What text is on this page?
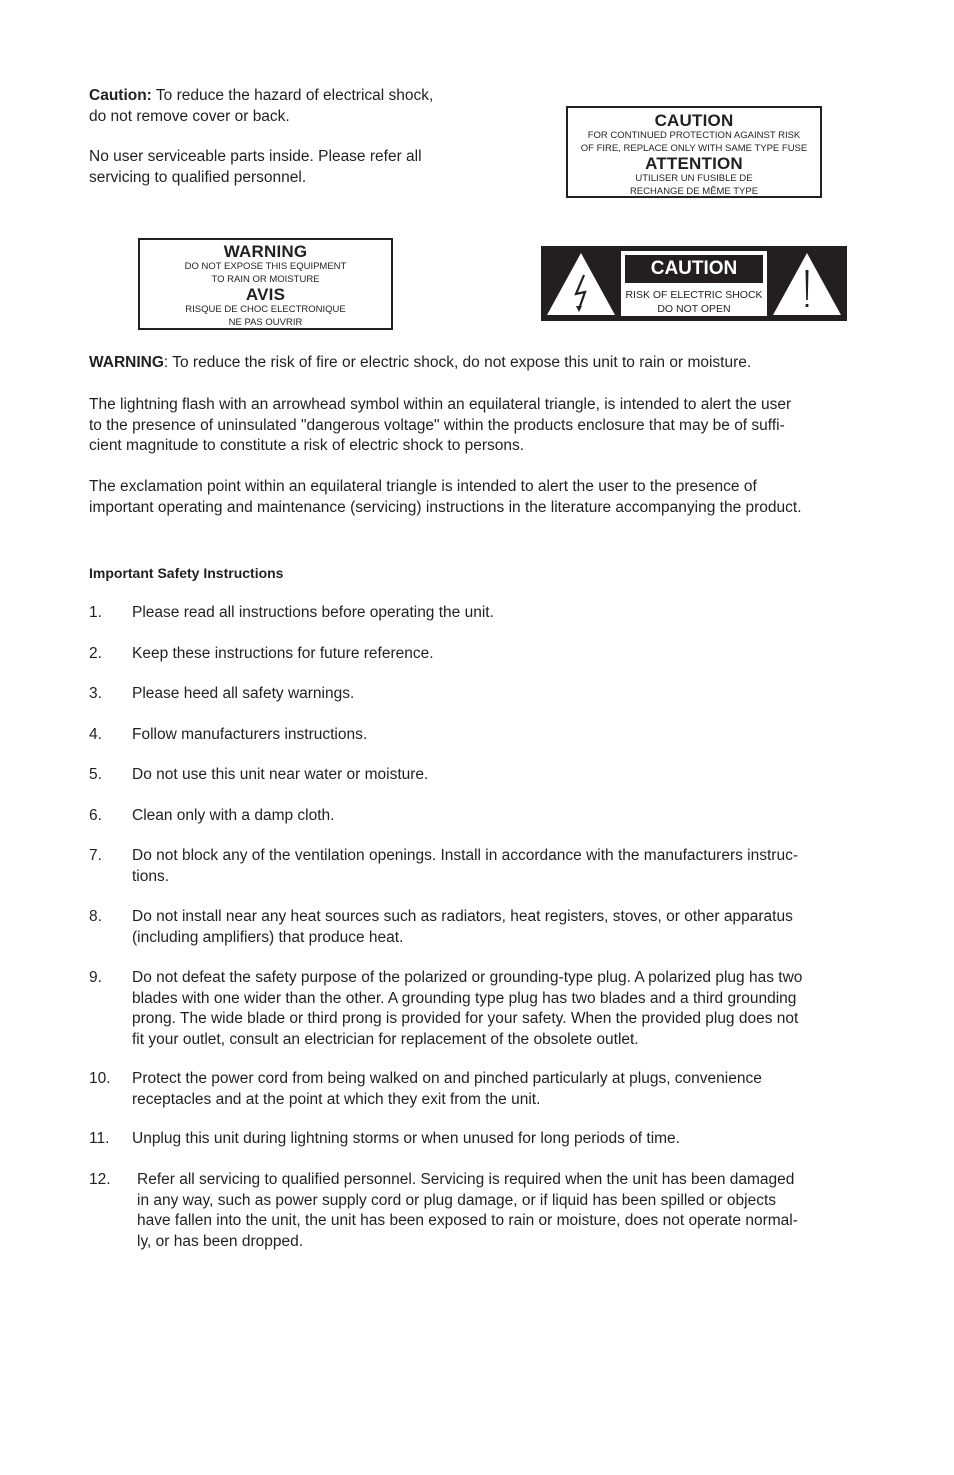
Caution: To reduce the hazard of electrical shock,
do not remove cover or back.
No user serviceable parts inside. Please refer all
servicing to qualified personnel.
CAUTION
FOR CONTINUED PROTECTION AGAINST RISK
OF FIRE, REPLACE ONLY WITH SAME TYPE FUSE
ATTENTION
UTILISER UN FUSIBLE DE
RECHANGE DE MÊME TYPE
WARNING
DO NOT EXPOSE THIS EQUIPMENT
TO RAIN OR MOISTURE
AVIS
RISQUE DE CHOC ELECTRONIQUE
NE PAS OUVRIR
CAUTION
RISK OF ELECTRIC SHOCK
DO NOT OPEN
WARNING: To reduce the risk of fire or electric shock, do not expose this unit to rain or moisture.
The lightning flash with an arrowhead symbol within an equilateral triangle, is intended to alert the user
to the presence of uninsulated "dangerous voltage" within the products enclosure that may be of suffi-
cient magnitude to constitute a risk of electric shock to persons.
The exclamation point within an equilateral triangle is intended to alert the user to the presence of
important operating and maintenance (servicing) instructions in the literature accompanying the product.
Important Safety Instructions
1. Please read all instructions before operating the unit.
2. Keep these instructions for future reference.
3. Please heed all safety warnings.
4. Follow manufacturers instructions.
5. Do not use this unit near water or moisture.
6. Clean only with a damp cloth.
7. Do not block any of the ventilation openings. Install in accordance with the manufacturers instruc-
tions.
8. Do not install near any heat sources such as radiators, heat registers, stoves, or other apparatus
(including amplifiers) that produce heat.
9. Do not defeat the safety purpose of the polarized or grounding-type plug. A polarized plug has two
blades with one wider than the other. A grounding type plug has two blades and a third grounding
prong. The wide blade or third prong is provided for your safety. When the provided plug does not
fit your outlet, consult an electrician for replacement of the obsolete outlet.
10. Protect the power cord from being walked on and pinched particularly at plugs, convenience
receptacles and at the point at which they exit from the unit.
11. Unplug this unit during lightning storms or when unused for long periods of time.
12. Refer all servicing to qualified personnel. Servicing is required when the unit has been damaged
in any way, such as power supply cord or plug damage, or if liquid has been spilled or objects
have fallen into the unit, the unit has been exposed to rain or moisture, does not operate normal-
ly, or has been dropped.
